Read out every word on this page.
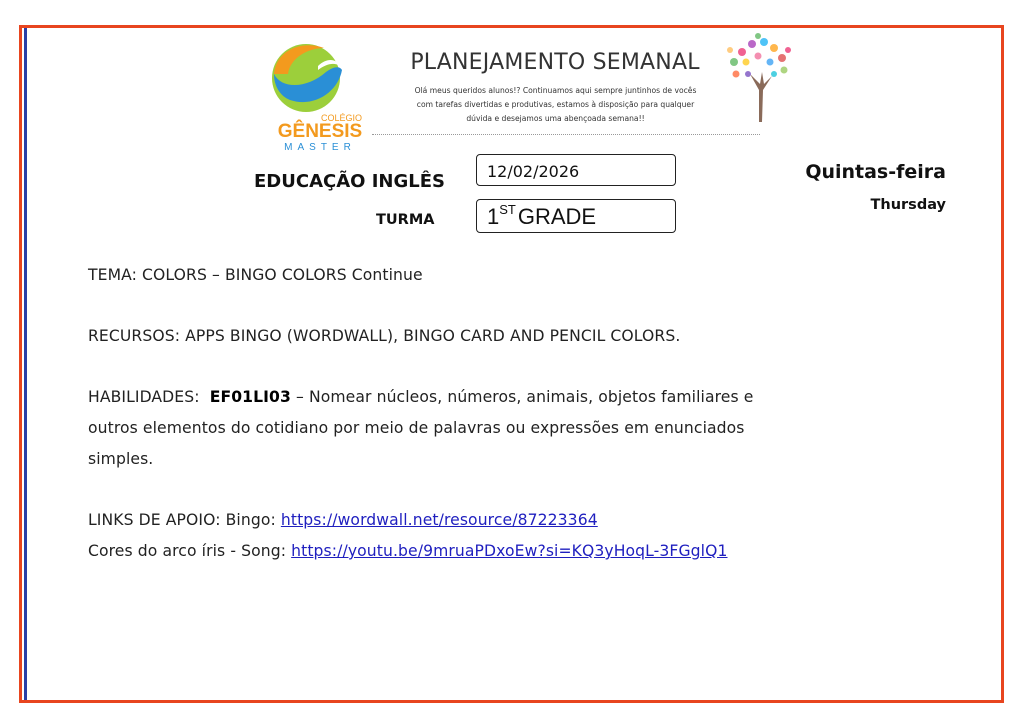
COLÉGIO
GÊNESIS
MASTER
PLANEJAMENTO SEMANAL
Olá meus queridos alunos!? Continuamos aqui sempre juntinhos de vocês
com tarefas divertidas e produtivas, estamos à disposição para qualquer
dúvida e desejamos uma abençoada semana!!
EDUCAÇÃO INGLÊS
TURMA
12/02/2026
1STGRADE
Quintas-feira
Thursday

TEMA: COLORS – BINGO COLORS Continue

RECURSOS: APPS BINGO (WORDWALL), BINGO CARD AND PENCIL COLORS.

HABILIDADES: EF01LI03 – Nomear núcleos, números, animais, objetos familiares e

outros elementos do cotidiano por meio de palavras ou expressões em enunciados

simples.

LINKS DE APOIO: Bingo: https://wordwall.net/resource/87223364

Cores do arco íris - Song: https://youtu.be/9mruaPDxoEw?si=KQ3yHoqL-3FGglQ1
